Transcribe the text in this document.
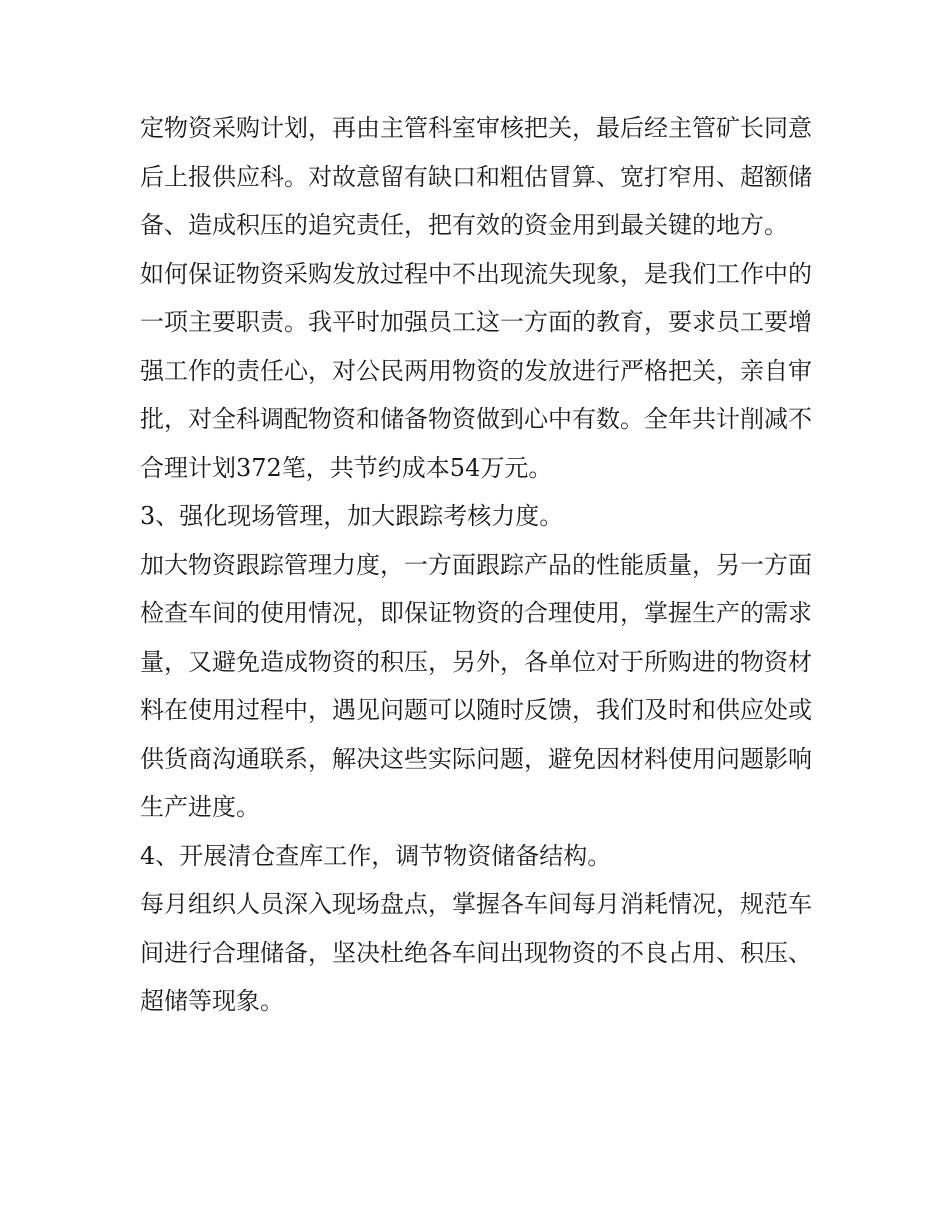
定物资采购计划，再由主管科室审核把关，最后经主管矿长同意后上报供应科。对故意留有缺口和粗估冒算、宽打窄用、超额储备、造成积压的追究责任，把有效的资金用到最关键的地方。

如何保证物资采购发放过程中不出现流失现象，是我们工作中的一项主要职责。我平时加强员工这一方面的教育，要求员工要增强工作的责任心，对公民两用物资的发放进行严格把关，亲自审批，对全科调配物资和储备物资做到心中有数。全年共计削减不合理计划372笔，共节约成本54万元。

3、强化现场管理，加大跟踪考核力度。

加大物资跟踪管理力度，一方面跟踪产品的性能质量，另一方面检查车间的使用情况，即保证物资的合理使用，掌握生产的需求量，又避免造成物资的积压，另外，各单位对于所购进的物资材料在使用过程中，遇见问题可以随时反馈，我们及时和供应处或供货商沟通联系，解决这些实际问题，避免因材料使用问题影响生产进度。

4、开展清仓查库工作，调节物资储备结构。

每月组织人员深入现场盘点，掌握各车间每月消耗情况，规范车间进行合理储备，坚决杜绝各车间出现物资的不良占用、积压、超储等现象。
